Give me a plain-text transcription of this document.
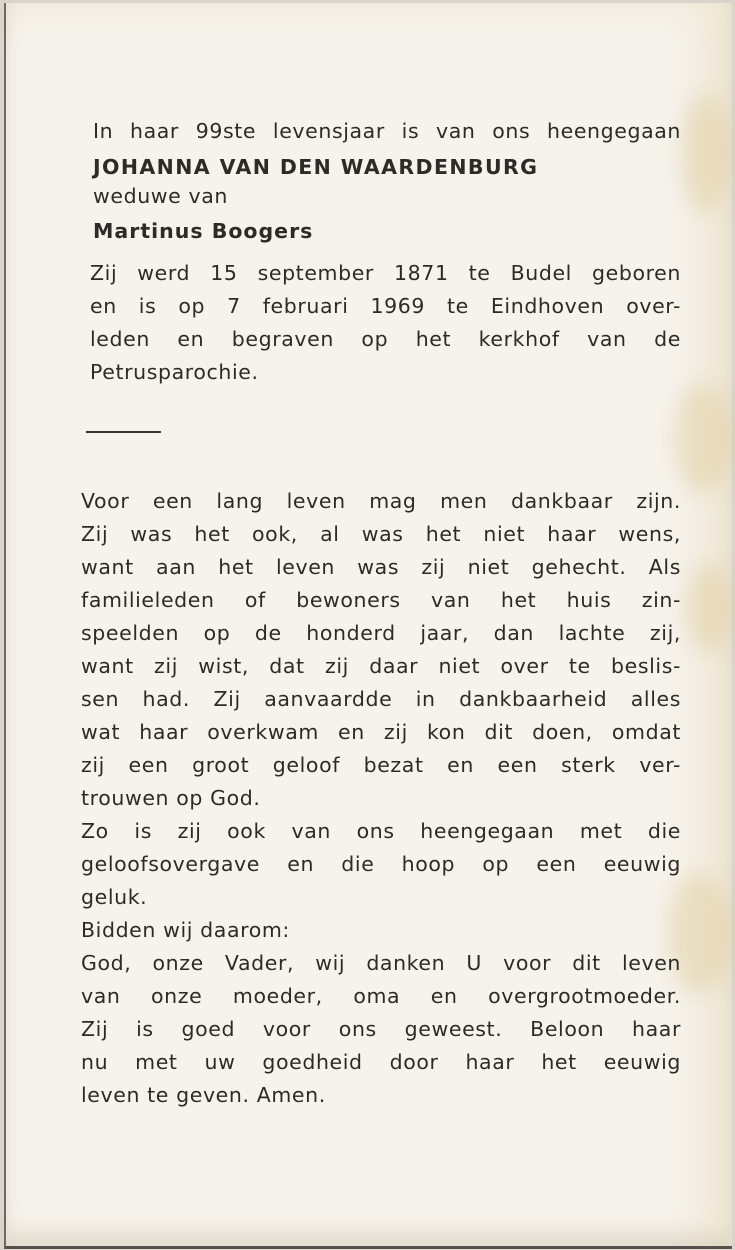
In haar 99ste levensjaar is van ons heengegaan
JOHANNA VAN DEN WAARDENBURG
weduwe van
Martinus Boogers
Zij werd 15 september 1871 te Budel geboren
en is op 7 februari 1969 te Eindhoven over-
leden en begraven op het kerkhof van de
Petrusparochie.
Voor een lang leven mag men dankbaar zijn.
Zij was het ook, al was het niet haar wens,
want aan het leven was zij niet gehecht. Als
familieleden of bewoners van het huis zin-
speelden op de honderd jaar, dan lachte zij,
want zij wist, dat zij daar niet over te beslis-
sen had. Zij aanvaardde in dankbaarheid alles
wat haar overkwam en zij kon dit doen, omdat
zij een groot geloof bezat en een sterk ver-
trouwen op God.
Zo is zij ook van ons heengegaan met die
geloofsovergave en die hoop op een eeuwig
geluk.
Bidden wij daarom:
God, onze Vader, wij danken U voor dit leven
van onze moeder, oma en overgrootmoeder.
Zij is goed voor ons geweest. Beloon haar
nu met uw goedheid door haar het eeuwig
leven te geven. Amen.
